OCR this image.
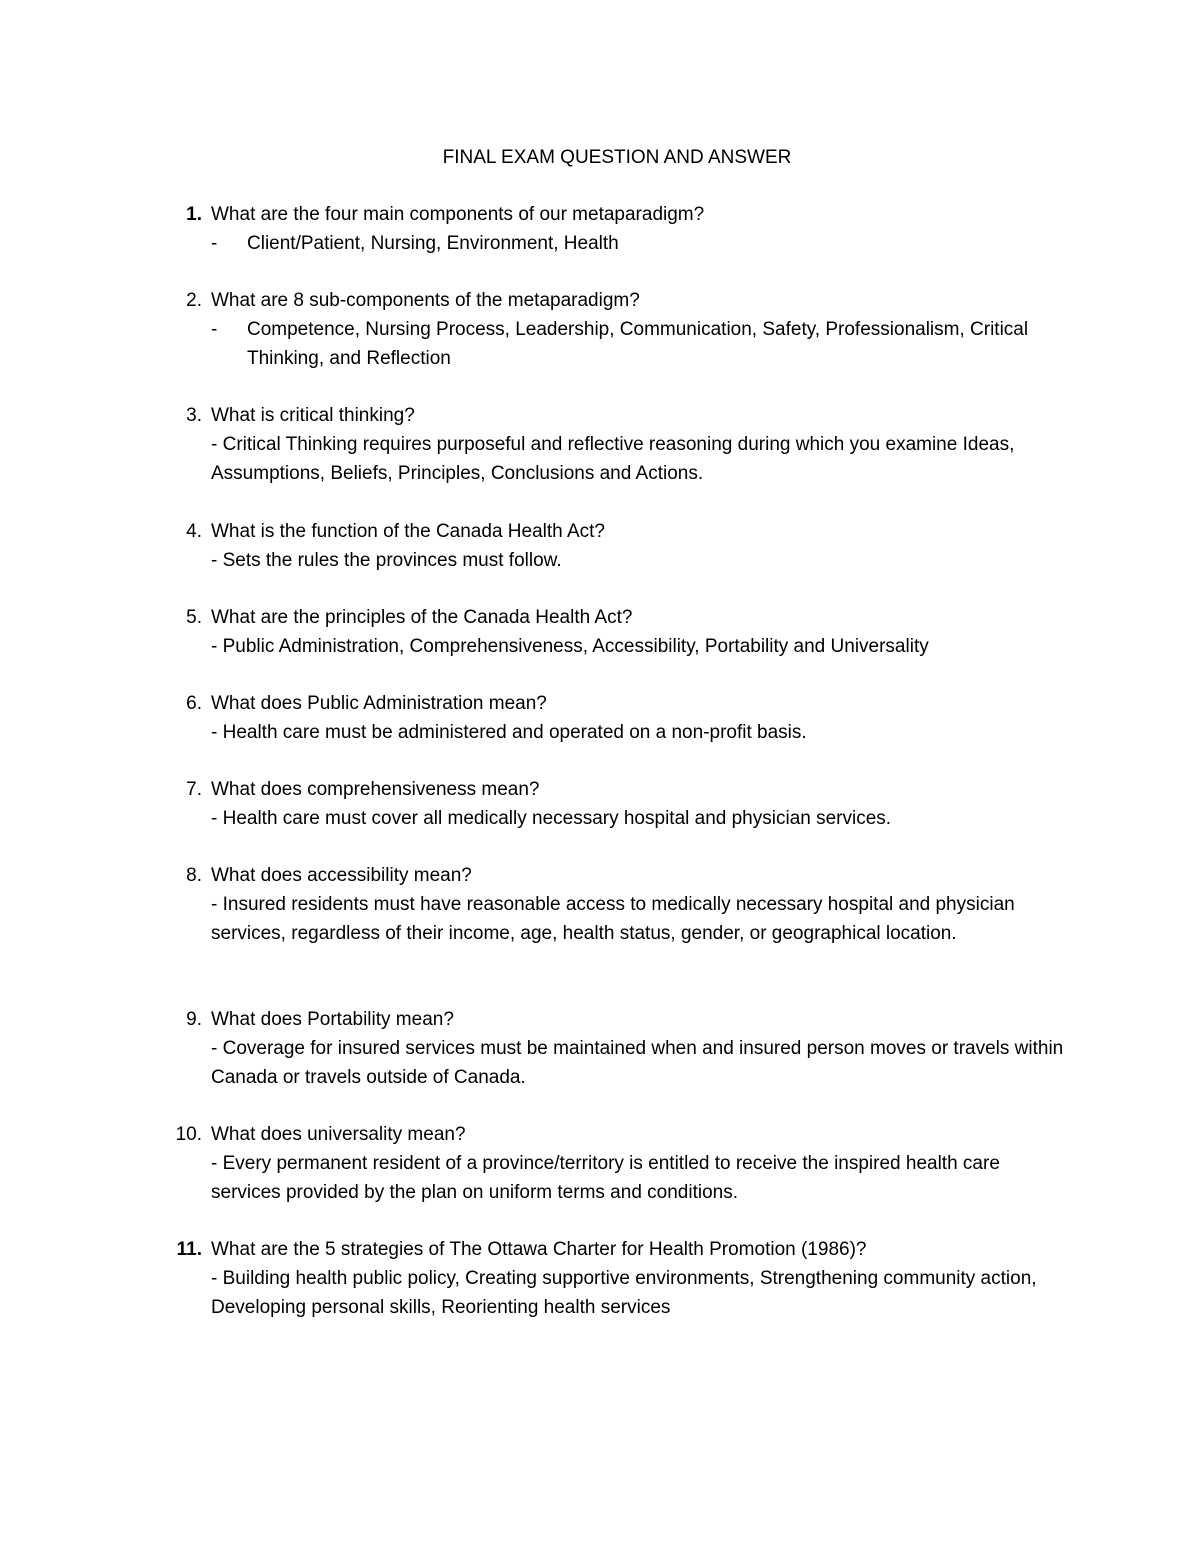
FINAL EXAM QUESTION AND ANSWER
1. What are the four main components of our metaparadigm?
- Client/Patient, Nursing, Environment, Health
2. What are 8 sub-components of the metaparadigm?
- Competence, Nursing Process, Leadership, Communication, Safety, Professionalism, Critical Thinking, and Reflection
3. What is critical thinking?
- Critical Thinking requires purposeful and reflective reasoning during which you examine Ideas, Assumptions, Beliefs, Principles, Conclusions and Actions.
4. What is the function of the Canada Health Act?
- Sets the rules the provinces must follow.
5. What are the principles of the Canada Health Act?
- Public Administration, Comprehensiveness, Accessibility, Portability and Universality
6. What does Public Administration mean?
- Health care must be administered and operated on a non-profit basis.
7. What does comprehensiveness mean?
- Health care must cover all medically necessary hospital and physician services.
8. What does accessibility mean?
- Insured residents must have reasonable access to medically necessary hospital and physician services, regardless of their income, age, health status, gender, or geographical location.
9. What does Portability mean?
- Coverage for insured services must be maintained when and insured person moves or travels within Canada or travels outside of Canada.
10. What does universality mean?
- Every permanent resident of a province/territory is entitled to receive the inspired health care services provided by the plan on uniform terms and conditions.
11. What are the 5 strategies of The Ottawa Charter for Health Promotion (1986)?
- Building health public policy, Creating supportive environments, Strengthening community action, Developing personal skills, Reorienting health services
